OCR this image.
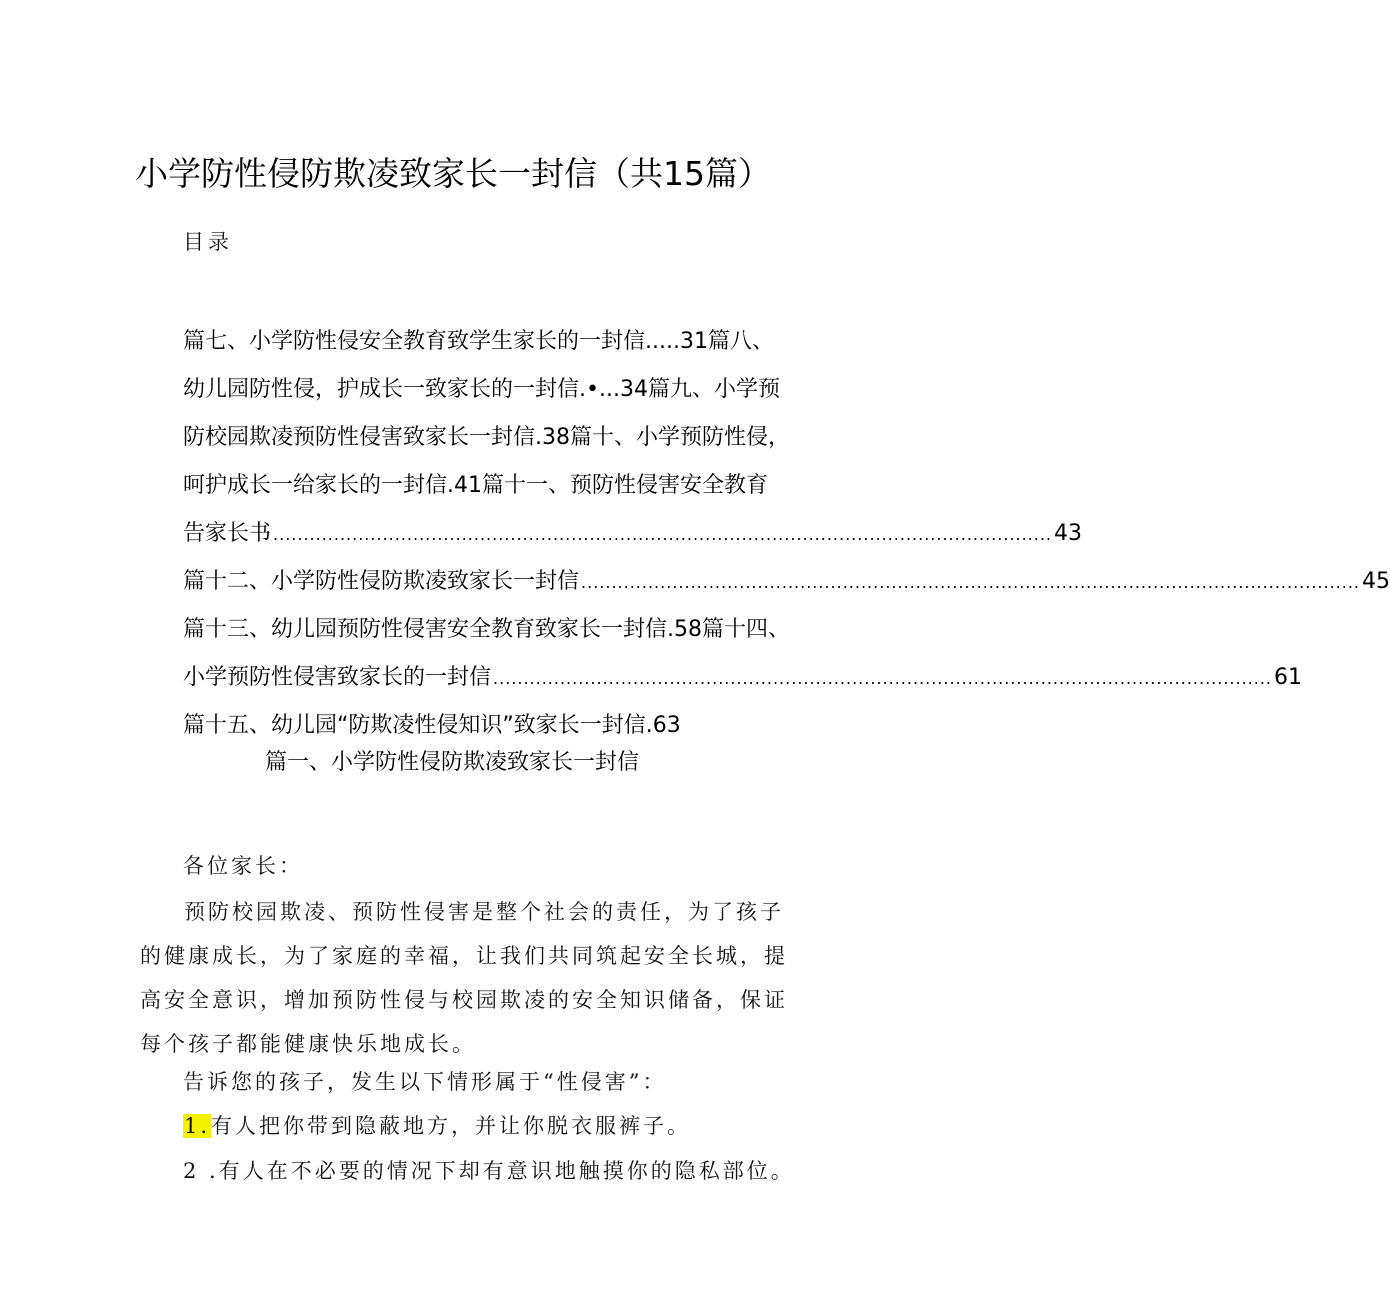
小学防性侵防欺凌致家长一封信（共15篇）
目录
篇七、小学防性侵安全教育致学生家长的一封信.....31篇八、
幼儿园防性侵，护成长一致家长的一封信.•...34篇九、小学预
防校园欺凌预防性侵害致家长一封信.38篇十、小学预防性侵，
呵护成长一给家长的一封信.41篇十一、预防性侵害安全教育
告家长书 ................................................................................................................................ 43
篇十二、小学防性侵防欺凌致家长一封信 ................................................................................................................................ 45
篇十三、幼儿园预防性侵害安全教育致家长一封信.58篇十四、
小学预防性侵害致家长的一封信 ................................................................................................................................ 61
篇十五、幼儿园“防欺凌性侵知识”致家长一封信.63
篇一、小学防性侵防欺凌致家长一封信
各位家长：
预防校园欺凌、预防性侵害是整个社会的责任，为了孩子的健康成长，为了家庭的幸福，让我们共同筑起安全长城，提高安全意识，增加预防性侵与校园欺凌的安全知识储备，保证每个孩子都能健康快乐地成长。
告诉您的孩子，发生以下情形属于“性侵害”：
1.有人把你带到隐蔽地方，并让你脱衣服裤子。
2 .有人在不必要的情况下却有意识地触摸你的隐私部位。
